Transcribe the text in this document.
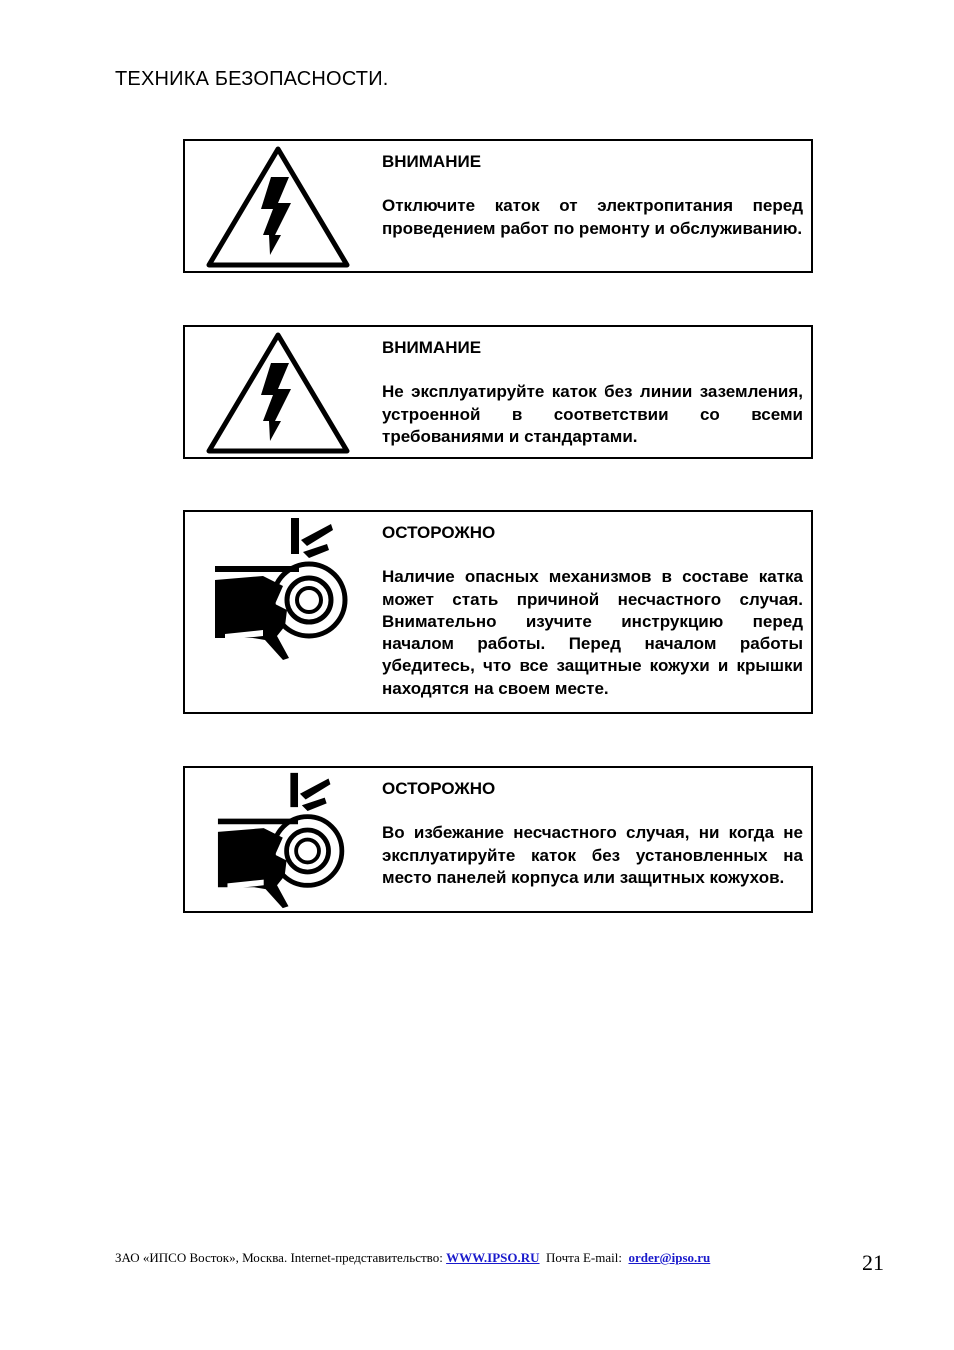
ТЕХНИКА БЕЗОПАСНОСТИ.
ВНИМАНИЕ
Отключите каток от электропитания перед проведением работ по ремонту и обслуживанию.
ВНИМАНИЕ
Не эксплуатируйте каток без линии заземления, устроенной в соответствии со всеми требованиями и стандартами.
ОСТОРОЖНО
Наличие опасных механизмов в составе катка может стать причиной несчастного случая. Внимательно изучите инструкцию перед началом работы. Перед началом работы убедитесь, что все защитные кожухи и крышки находятся на своем месте.
ОСТОРОЖНО
Во избежание несчастного случая, ни когда не эксплуатируйте каток без установленных на место панелей корпуса или защитных кожухов.
ЗАО «ИПСО Восток», Москва. Internet-представительство: WWW.IPSO.RU Почта E-mail: order@ipso.ru	21
